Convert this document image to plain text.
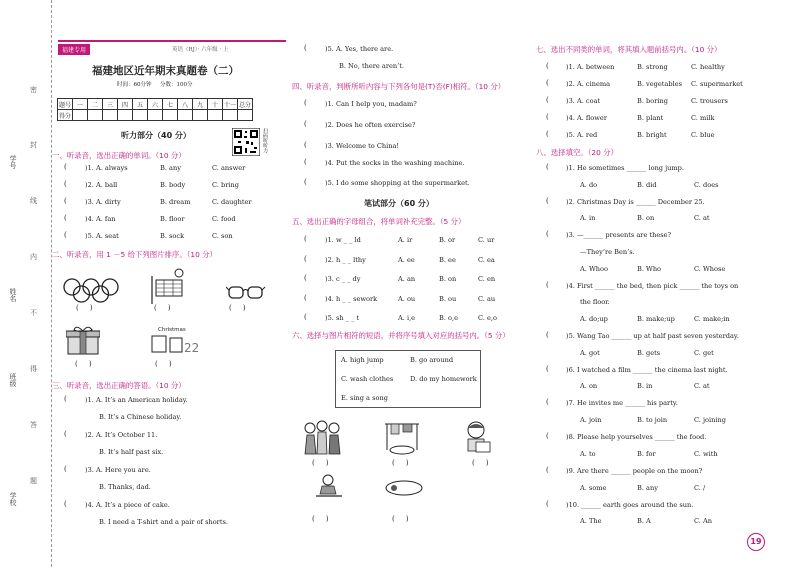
学号
姓名
班级
学校
密
封
线
内
不
得
答
题
福建专用	英语（RJ）· 六年级 · 上
福建地区近年期末真题卷（二）
时间：60分钟 分数：100分
题号	一	二	三	四	五	六	七	八	九	十	十一	总分
得分												
听力部分（40 分）	扫码听听力
一、听录音，选出正确的单词。（10 分）
(	)1. A. always	B. any	C. answer
(	)2. A. ball	B. body	C. bring
(	)3. A. dirty	B. dream	C. daughter
(	)4. A. fan	B. floor	C. food
(	)5. A. seat	B. sock	C. son
二、听录音，用 1 －5 给下列图片排序。（10 分）
(     )	(     )	(     )
Christmas
22
(     )	(     )
三、听录音，选出正确的答语。（10 分）
(	)1. A. It’s an American holiday.
B. It’s a Chinese holiday.
(	)2. A. It’s October 11.
B. It’s half past six.
(	)3. A. Here you are.
B. Thanks, dad.
(	)4. A. It’s a piece of cake.
B. I need a T-shirt and a pair of shorts.
(	)5. A. Yes, there are.
B. No, there aren’t.
四、听录音，判断所听内容与下列各句是(T)否(F)相符。（10 分）
(	)1. Can I help you, madam?
(	)2. Does he often exercise?
(	)3. Welcome to China!
(	)4. Put the socks in the washing machine.
(	)5. I do some shopping at the supermarket.
笔试部分（60 分）
五、选出正确的字母组合，将单词补充完整。（5 分）
(	)1. w _ _ ld	A. ir	B. or	C. ur
(	)2. h _ _ lthy	A. ee	B. ee	C. ea
(	)3. c _ _ dy	A. an	B. on	C. en
(	)4. h _ _ sework	A. ou	B. ou	C. au
(	)5. sh _ _ t	A. i,e	B. o,e	C. e,o
六、选择与图片相符的短语，并将序号填入对应的括号内。（5 分）
A. high jump	B. go around
C. wash clothes	D. do my homework
E. sing a song
(     )	(     )	(     )
(     )	(     )
七、选出不同类的单词，将其填入题前括号内。（10 分）
(	)1. A. between	B. strong	C. healthy
(	)2. A. cinema	B. vegetables C. supermarket
(	)3. A. coat	B. boring	C. trousers
(	)4. A. flower	B. plant	C. milk
(	)5. A. red	B. bright	C. blue
八、选择填空。（20 分）
(	)1. He sometimes ______ long jump.
A. do	B. did	C. does
(	)2. Christmas Day is ______ December 25.
A. in	B. on	C. at
(	)3. —______ presents are these?
—They’re Ben’s.
A. Whoo	B. Who	C. Whose
(	)4. First ______ the bed, then pick ______ the toys on
the floor.
A. do;up	B. make;up	C. make;in
(	)5. Wang Tao ______ up at half past seven yesterday.
A. got	B. gets	C. get
(	)6. I watched a film ______ the cinema last night.
A. on	B. in	C. at
(	)7. He invites me ______ his party.
A. join	B. to join	C. joining
(	)8. Please help yourselves ______ the food.
A. to	B. for	C. with
(	)9. Are there ______ people on the moon?
A. some	B. any	C. /
(	)10. ______ earth goes around the sun.
A. The	B. A	C. An
19
